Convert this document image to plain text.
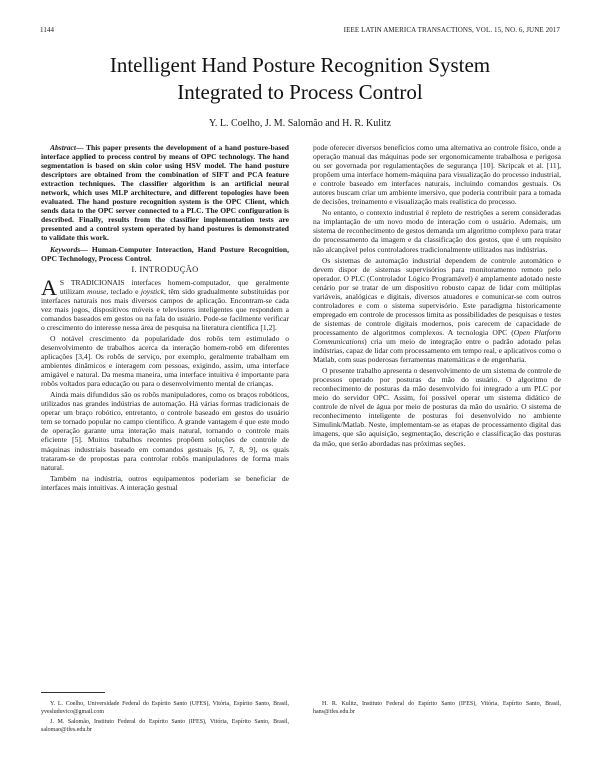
1144	IEEE LATIN AMERICA TRANSACTIONS, VOL. 15, NO. 6, JUNE 2017
Intelligent Hand Posture Recognition System
Integrated to Process Control
Y. L. Coelho, J. M. Salomão and H. R. Kulitz

Abstract— This paper presents the development of a hand posture-based interface applied to process control by means of OPC technology. The hand segmentation is based on skin color using HSV model. The hand posture descriptors are obtained from the combination of SIFT and PCA feature extraction techniques. The classifier algorithm is an artificial neural network, which uses MLP architecture, and different topologies have been evaluated. The hand posture recognition system is the OPC Client, which sends data to the OPC server connected to a PLC. The OPC configuration is described. Finally, results from the classifier implementation tests are presented and a control system operated by hand postures is demonstrated to validate this work.

Keywords— Human-Computer Interaction, Hand Posture Recognition, OPC Technology, Process Control.

I. INTRODUÇÃO

A S TRADICIONAIS interfaces homem-computador, que geralmente utilizam mouse, teclado e joystick, têm sido gradualmente substituídas por interfaces naturais nos mais diversos campos de aplicação. Encontram-se cada vez mais jogos, dispositivos móveis e televisores inteligentes que respondem a comandos baseados em gestos ou na fala do usuário. Pode-se facilmente verificar o crescimento do interesse nessa área de pesquisa na literatura científica [1,2].

O notável crescimento da popularidade dos robôs tem estimulado o desenvolvimento de trabalhos acerca da interação homem-robô em diferentes aplicações [3,4]. Os robôs de serviço, por exemplo, geralmente trabalham em ambientes dinâmicos e interagem com pessoas, exigindo, assim, uma interface amigável e natural. Da mesma maneira, uma interface intuitiva é importante para robôs voltados para educação ou para o desenvolvimento mental de crianças.

Ainda mais difundidos são os robôs manipuladores, como os braços robóticos, utilizados nas grandes indústrias de automação. Há várias formas tradicionais de operar um braço robótico, entretanto, o controle baseado em gestos do usuário tem se tornado popular no campo científico. A grande vantagem é que este modo de operação garante uma interação mais natural, tornando o controle mais eficiente [5]. Muitos trabalhos recentes propõem soluções de controle de máquinas industriais baseado em comandos gestuais [6, 7, 8, 9], os quais trataram-se de propostas para controlar robôs manipuladores de forma mais natural.

Também na indústria, outros equipamentos poderiam se beneficiar de interfaces mais intuitivas. A interação gestual

pode oferecer diversos benefícios como uma alternativa ao controle físico, onde a operação manual das máquinas pode ser ergonomicamente trabalhosa e perigosa ou ser governada por regulamentações de segurança [10]. Skripcak et al. [11], propõem uma interface homem-máquina para visualização do processo industrial, e controle baseado em interfaces naturais, incluindo comandos gestuais. Os autores buscam criar um ambiente imersivo, que poderia contribuir para a tomada de decisões, treinamento e visualização mais realística do processo.

No entanto, o contexto industrial é repleto de restrições a serem consideradas na implantação de um novo modo de interação com o usuário. Ademais, um sistema de reconhecimento de gestos demanda um algoritmo complexo para tratar do processamento da imagem e da classificação dos gestos, que é um requisito não alcançável pelos controladores tradicionalmente utilizados nas indústrias.

Os sistemas de automação industrial dependem de controle automático e devem dispor de sistemas supervisórios para monitoramento remoto pelo operador. O PLC (Controlador Lógico Programável) é amplamente adotado neste cenário por se tratar de um dispositivo robusto capaz de lidar com múltiplas variáveis, analógicas e digitais, diversos atuadores e comunicar-se com outros controladores e com o sistema supervisório. Este paradigma historicamente empregado em controle de processos limita as possibilidades de pesquisas e testes de sistemas de controle digitais modernos, pois carecem de capacidade de processamento de algoritmos complexos. A tecnologia OPC (Open Platform Communications) cria um meio de integração entre o padrão adotado pelas indústrias, capaz de lidar com processamento em tempo real, e aplicativos como o Matlab, com suas poderosas ferramentas matemáticas e de engenharia.

O presente trabalho apresenta o desenvolvimento de um sistema de controle de processos operado por posturas da mão do usuário. O algoritmo de reconhecimento de posturas da mão desenvolvido foi integrado a um PLC por meio do servidor OPC. Assim, foi possível operar um sistema didático de controle de nível de água por meio de posturas da mão do usuário. O sistema de reconhecimento inteligente de posturas foi desenvolvido no ambiente Simulink/Matlab. Neste, implementam-se as etapas de processamento digital das imagens, que são aquisição, segmentação, descrição e classificação das posturas da mão, que serão abordadas nas próximas seções.

Y. L. Coelho, Universidade Federal do Espírito Santo (UFES), Vitória, Espírito Santo, Brasil, yvesluduvico@gmail.com
J. M. Salomão, Instituto Federal do Espírito Santo (IFES), Vitória, Espírito Santo, Brasil, salomao@ifes.edu.br
H. R. Kulitz, Instituto Federal do Espírito Santo (IFES), Vitória, Espírito Santo, Brasil, hans@ifes.edu.br
